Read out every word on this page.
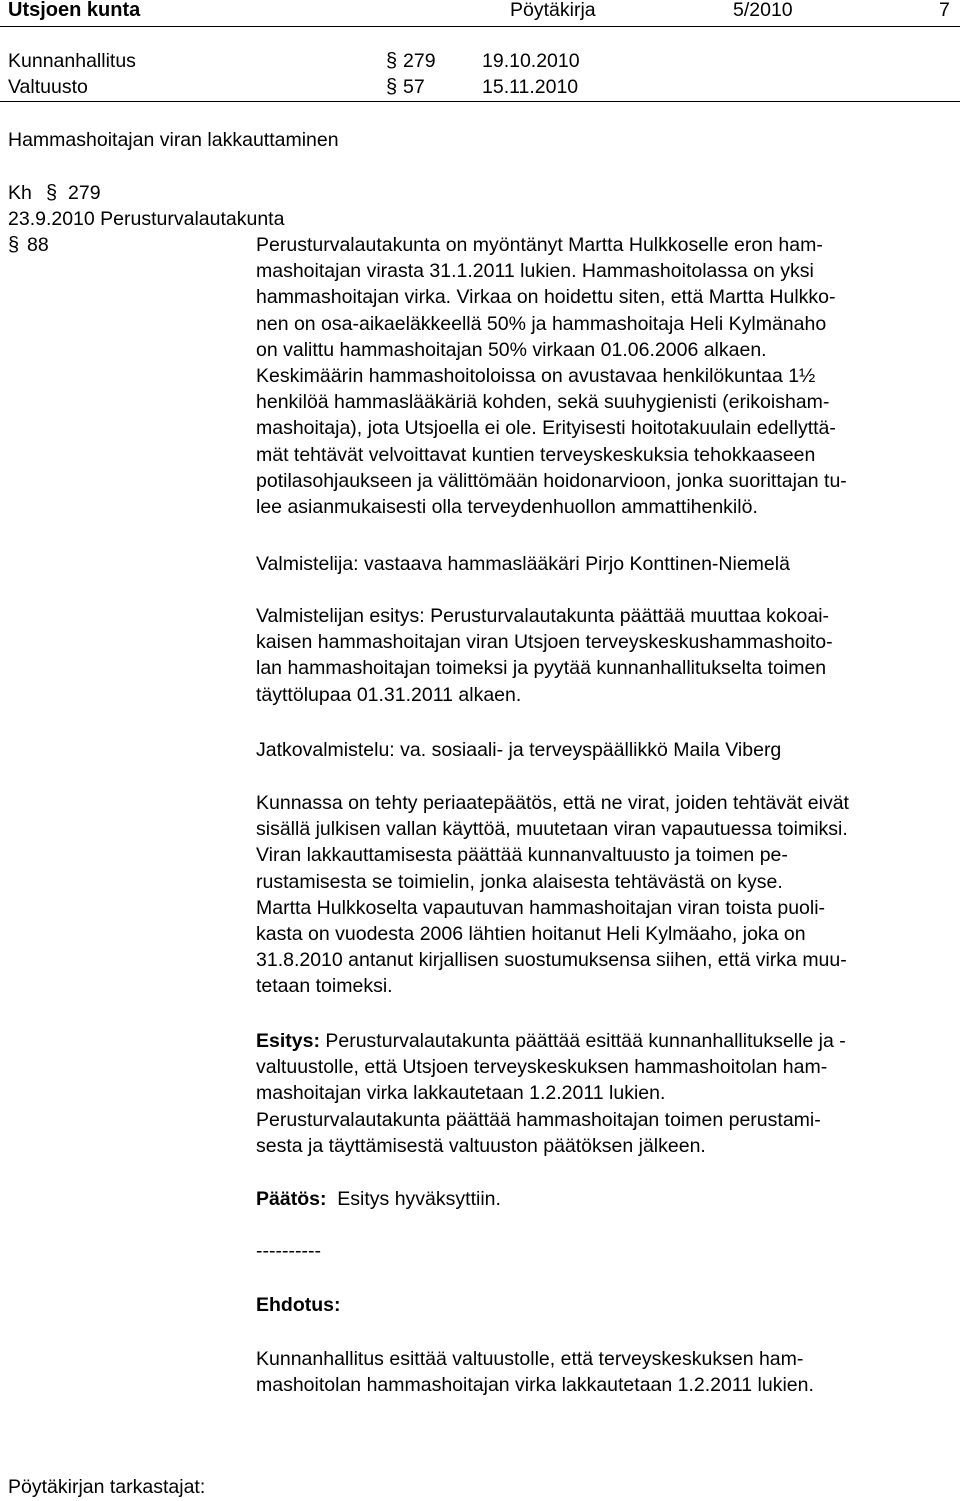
Utsjoen kunta	Pöytäkirja	5/2010	7
Kunnanhallitus	§ 279 19.10.2010
Valtuusto	§ 57	15.11.2010
Hammashoitajan viran lakkauttaminen
Kh § 279
23.9.2010 Perusturvalautakunta
§ 88	Perusturvalautakunta on myöntänyt Martta Hulkkoselle eron ham-
mashoitajan virasta 31.1.2011 lukien. Hammashoitolassa on yksi
hammashoitajan virka. Virkaa on hoidettu siten, että Martta Hulkko-
nen on osa-aikaeläkkeellä 50% ja hammashoitaja Heli Kylmänaho
on valittu hammashoitajan 50% virkaan 01.06.2006 alkaen.
Keskimäärin hammashoitoloissa on avustavaa henkilökuntaa 1½
henkilöä hammaslääkäriä kohden, sekä suuhygienisti (erikoisham-
mashoitaja), jota Utsjoella ei ole. Erityisesti hoitotakuulain edellyttä-
mät tehtävät velvoittavat kuntien terveyskeskuksia tehokkaaseen
potilasohjaukseen ja välittömään hoidonarvioon, jonka suorittajan tu-
lee asianmukaisesti olla terveydenhuollon ammattihenkilö.
Valmistelija: vastaava hammaslääkäri Pirjo Konttinen-Niemelä
Valmistelijan esitys: Perusturvalautakunta päättää muuttaa kokoai-
kaisen hammashoitajan viran Utsjoen terveyskeskushammashoito-
lan hammashoitajan toimeksi ja pyytää kunnanhallitukselta toimen
täyttölupaa 01.31.2011 alkaen.
Jatkovalmistelu: va. sosiaali- ja terveyspäällikkö Maila Viberg
Kunnassa on tehty periaatepäätös, että ne virat, joiden tehtävät eivät
sisällä julkisen vallan käyttöä, muutetaan viran vapautuessa toimiksi.
Viran lakkauttamisesta päättää kunnanvaltuusto ja toimen pe-
rustamisesta se toimielin, jonka alaisesta tehtävästä on kyse.
Martta Hulkkoselta vapautuvan hammashoitajan viran toista puoli-
kasta on vuodesta 2006 lähtien hoitanut Heli Kylmäaho, joka on
31.8.2010 antanut kirjallisen suostumuksensa siihen, että virka muu-
tetaan toimeksi.
Esitys: Perusturvalautakunta päättää esittää kunnanhallitukselle ja -
valtuustolle, että Utsjoen terveyskeskuksen hammashoitolan ham-
mashoitajan virka lakkautetaan 1.2.2011 lukien.
Perusturvalautakunta päättää hammashoitajan toimen perustami-
sesta ja täyttämisestä valtuuston päätöksen jälkeen.
Päätös:  Esitys hyväksyttiin.
----------
Ehdotus:
Kunnanhallitus esittää valtuustolle, että terveyskeskuksen ham-
mashoitolan hammashoitajan virka lakkautetaan 1.2.2011 lukien.
Pöytäkirjan tarkastajat:
